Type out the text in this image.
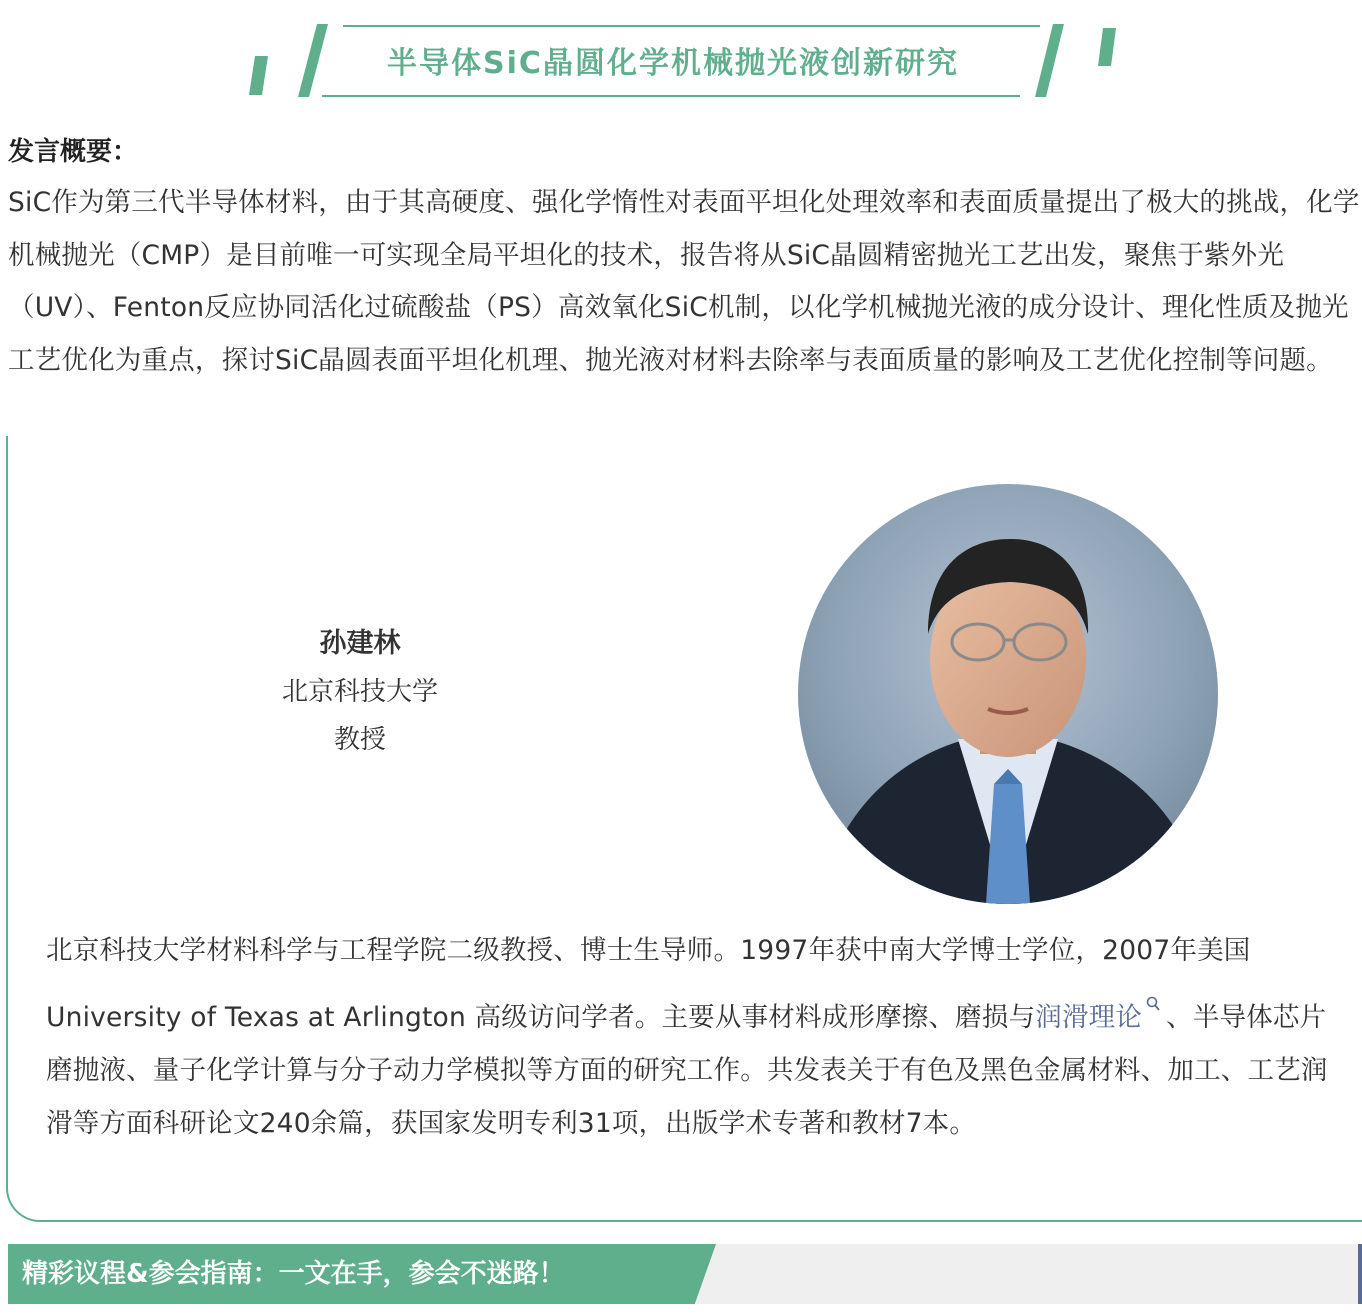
半导体SiC晶圆化学机械抛光液创新研究
发言概要：

SiC作为第三代半导体材料，由于其高硬度、强化学惰性对表面平坦化处理效率和表面质量提出了极大的挑战，化学机械抛光（CMP）是目前唯一可实现全局平坦化的技术，报告将从SiC晶圆精密抛光工艺出发，聚焦于紫外光（UV）、Fenton反应协同活化过硫酸盐（PS）高效氧化SiC机制，以化学机械抛光液的成分设计、理化性质及抛光工艺优化为重点，探讨SiC晶圆表面平坦化机理、抛光液对材料去除率与表面质量的影响及工艺优化控制等问题。

孙建林
北京科技大学
教授

北京科技大学材料科学与工程学院二级教授、博士生导师。1997年获中南大学博士学位，2007年美国University of Texas at Arlington 高级访问学者。主要从事材料成形摩擦、磨损与润滑理论 、半导体芯片磨抛液、量子化学计算与分子动力学模拟等方面的研究工作。共发表关于有色及黑色金属材料、加工、工艺润滑等方面科研论文240余篇，获国家发明专利31项，出版学术专著和教材7本。

精彩议程&参会指南：一文在手，参会不迷路！
